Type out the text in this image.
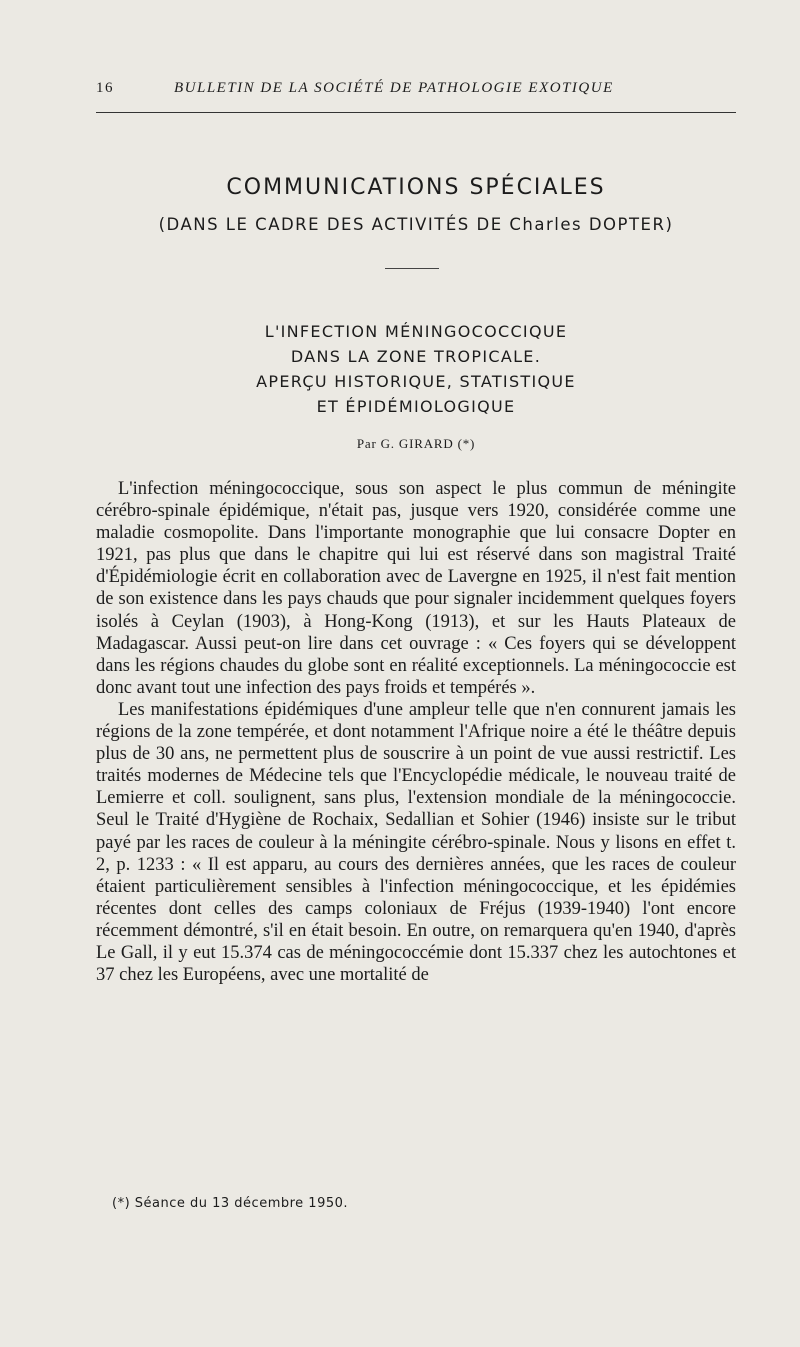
16	BULLETIN DE LA SOCIÉTÉ DE PATHOLOGIE EXOTIQUE
COMMUNICATIONS SPÉCIALES
(DANS LE CADRE DES ACTIVITÉS DE Charles DOPTER)
L'INFECTION MÉNINGOCOCCIQUE
DANS LA ZONE TROPICALE.
APERÇU HISTORIQUE, STATISTIQUE
ET ÉPIDÉMIOLOGIQUE
Par G. GIRARD (*)

L'infection méningococcique, sous son aspect le plus commun de méningite cérébro-spinale épidémique, n'était pas, jusque vers 1920, considérée comme une maladie cosmopolite. Dans l'importante monographie que lui consacre Dopter en 1921, pas plus que dans le chapitre qui lui est réservé dans son magistral Traité d'Épidémiologie écrit en collaboration avec de Lavergne en 1925, il n'est fait mention de son existence dans les pays chauds que pour signaler incidemment quelques foyers isolés à Ceylan (1903), à Hong-Kong (1913), et sur les Hauts Plateaux de Madagascar. Aussi peut-on lire dans cet ouvrage : « Ces foyers qui se développent dans les régions chaudes du globe sont en réalité exceptionnels. La méningococcie est donc avant tout une infection des pays froids et tempérés ».

Les manifestations épidémiques d'une ampleur telle que n'en connurent jamais les régions de la zone tempérée, et dont notamment l'Afrique noire a été le théâtre depuis plus de 30 ans, ne permettent plus de souscrire à un point de vue aussi restrictif. Les traités modernes de Médecine tels que l'Encyclopédie médicale, le nouveau traité de Lemierre et coll. soulignent, sans plus, l'extension mondiale de la méningococcie. Seul le Traité d'Hygiène de Rochaix, Sedallian et Sohier (1946) insiste sur le tribut payé par les races de couleur à la méningite cérébro-spinale. Nous y lisons en effet t. 2, p. 1233 : « Il est apparu, au cours des dernières années, que les races de couleur étaient particulièrement sensibles à l'infection méningococcique, et les épidémies récentes dont celles des camps coloniaux de Fréjus (1939-1940) l'ont encore récemment démontré, s'il en était besoin. En outre, on remarquera qu'en 1940, d'après Le Gall, il y eut 15.374 cas de méningococcémie dont 15.337 chez les autochtones et 37 chez les Européens, avec une mortalité de

(*) Séance du 13 décembre 1950.
